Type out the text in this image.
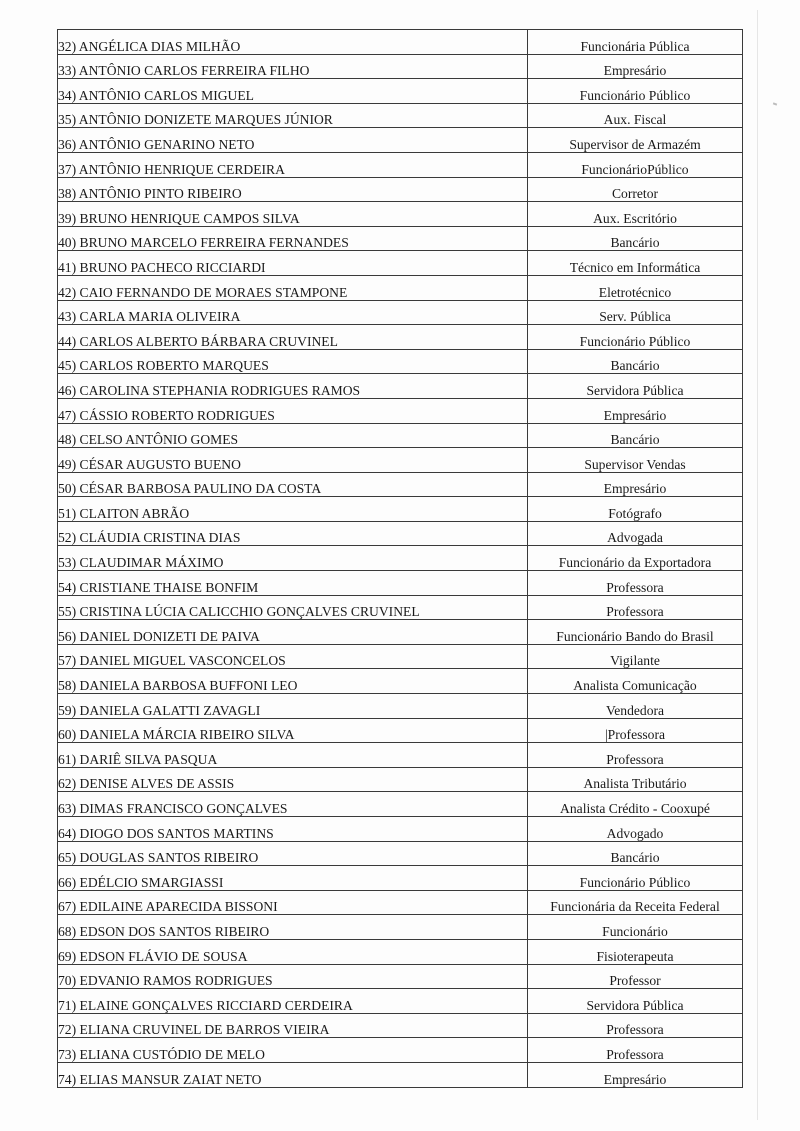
32) ANGÉLICA DIAS MILHÃO	Funcionária Pública
33) ANTÔNIO CARLOS FERREIRA FILHO	Empresário
34) ANTÔNIO CARLOS MIGUEL	Funcionário Público
35) ANTÔNIO DONIZETE MARQUES JÚNIOR	Aux. Fiscal
36) ANTÔNIO GENARINO NETO	Supervisor de Armazém
37) ANTÔNIO HENRIQUE CERDEIRA	FuncionárioPúblico
38) ANTÔNIO PINTO RIBEIRO	Corretor
39) BRUNO HENRIQUE CAMPOS SILVA	Aux. Escritório
40) BRUNO MARCELO FERREIRA FERNANDES	Bancário
41) BRUNO PACHECO RICCIARDI	Técnico em Informática
42) CAIO FERNANDO DE MORAES STAMPONE	Eletrotécnico
43) CARLA MARIA OLIVEIRA	Serv. Pública
44) CARLOS ALBERTO BÁRBARA CRUVINEL	Funcionário Público
45) CARLOS ROBERTO MARQUES	Bancário
46) CAROLINA STEPHANIA RODRIGUES RAMOS	Servidora Pública
47) CÁSSIO ROBERTO RODRIGUES	Empresário
48) CELSO ANTÔNIO GOMES	Bancário
49) CÉSAR AUGUSTO BUENO	Supervisor Vendas
50) CÉSAR BARBOSA PAULINO DA COSTA	Empresário
51) CLAITON ABRÃO	Fotógrafo
52) CLÁUDIA CRISTINA DIAS	Advogada
53) CLAUDIMAR MÁXIMO	Funcionário da Exportadora
54) CRISTIANE THAISE BONFIM	Professora
55) CRISTINA LÚCIA CALICCHIO GONÇALVES CRUVINEL	Professora
56) DANIEL DONIZETI DE PAIVA	Funcionário Bando do Brasil
57) DANIEL MIGUEL VASCONCELOS	Vigilante
58) DANIELA BARBOSA BUFFONI LEO	Analista Comunicação
59) DANIELA GALATTI ZAVAGLI	Vendedora
60) DANIELA MÁRCIA RIBEIRO SILVA	|Professora
61) DARIÊ SILVA PASQUA	Professora
62) DENISE ALVES DE ASSIS	Analista Tributário
63) DIMAS FRANCISCO GONÇALVES	Analista Crédito - Cooxupé
64) DIOGO DOS SANTOS MARTINS	Advogado
65) DOUGLAS SANTOS RIBEIRO	Bancário
66) EDÉLCIO SMARGIASSI	Funcionário Público
67) EDILAINE APARECIDA BISSONI	Funcionária da Receita Federal
68) EDSON DOS SANTOS RIBEIRO	Funcionário
69) EDSON FLÁVIO DE SOUSA	Fisioterapeuta
70) EDVANIO RAMOS RODRIGUES	Professor
71) ELAINE GONÇALVES RICCIARD CERDEIRA	Servidora Pública
72) ELIANA CRUVINEL DE BARROS VIEIRA	Professora
73) ELIANA CUSTÓDIO DE MELO	Professora
74) ELIAS MANSUR ZAIAT NETO	Empresário
